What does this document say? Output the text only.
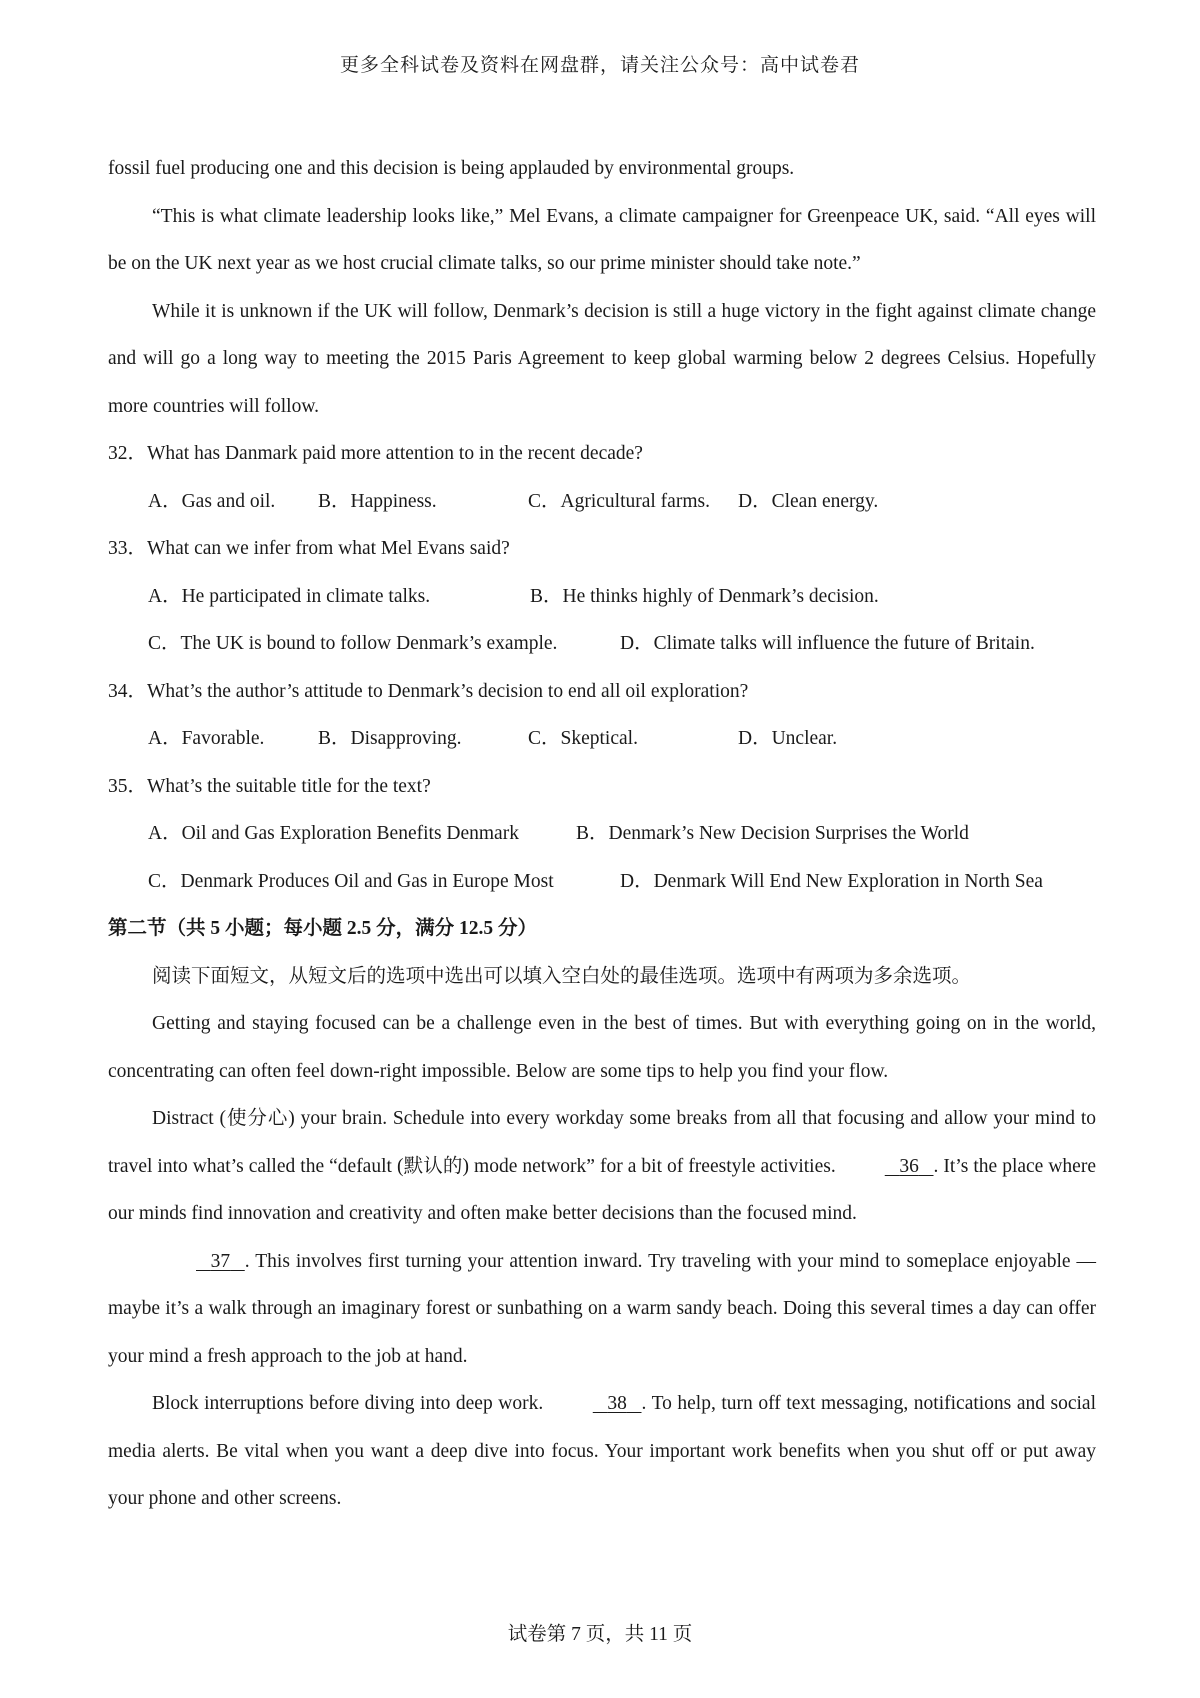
更多全科试卷及资料在网盘群，请关注公众号：高中试卷君

fossil fuel producing one and this decision is being applauded by environmental groups.

“This is what climate leadership looks like,” Mel Evans, a climate campaigner for Greenpeace UK, said. “All eyes will be on the UK next year as we host crucial climate talks, so our prime minister should take note.”

While it is unknown if the UK will follow, Denmark’s decision is still a huge victory in the fight against climate change and will go a long way to meeting the 2015 Paris Agreement to keep global warming below 2 degrees Celsius. Hopefully more countries will follow.

32．What has Danmark paid more attention to in the recent decade?

A．Gas and oil. B．Happiness.	C．Agricultural farms. D．Clean energy.

33．What can we infer from what Mel Evans said?

A．He participated in climate talks.	B．He thinks highly of Denmark’s decision.

C．The UK is bound to follow Denmark’s example.	D．Climate talks will influence the future of Britain.

34．What’s the author’s attitude to Denmark’s decision to end all oil exploration?

A．Favorable.	B．Disapproving.	C．Skeptical.	D．Unclear.

35．What’s the suitable title for the text?

A．Oil and Gas Exploration Benefits Denmark	B．Denmark’s New Decision Surprises the World

C．Denmark Produces Oil and Gas in Europe Most	D．Denmark Will End New Exploration in North Sea

第二节（共 5 小题；每小题 2.5 分，满分 12.5 分）

阅读下面短文，从短文后的选项中选出可以填入空白处的最佳选项。选项中有两项为多余选项。

Getting and staying focused can be a challenge even in the best of times. But with everything going on in the world, concentrating can often feel down-right impossible. Below are some tips to help you find your flow.

Distract (使分心) your brain. Schedule into every workday some breaks from all that focusing and allow your mind to travel into what’s called the “default (默认的) mode network” for a bit of freestyle activities.	36 . It’s the place where our minds find innovation and creativity and often make better decisions than the focused mind.

37 . This involves first turning your attention inward. Try traveling with your mind to someplace enjoyable — maybe it’s a walk through an imaginary forest or sunbathing on a warm sandy beach. Doing this several times a day can offer your mind a fresh approach to the job at hand.

Block interruptions before diving into deep work.	38 . To help, turn off text messaging, notifications and social media alerts. Be vital when you want a deep dive into focus. Your important work benefits when you shut off or put away your phone and other screens.

试卷第 7 页，共 11 页
